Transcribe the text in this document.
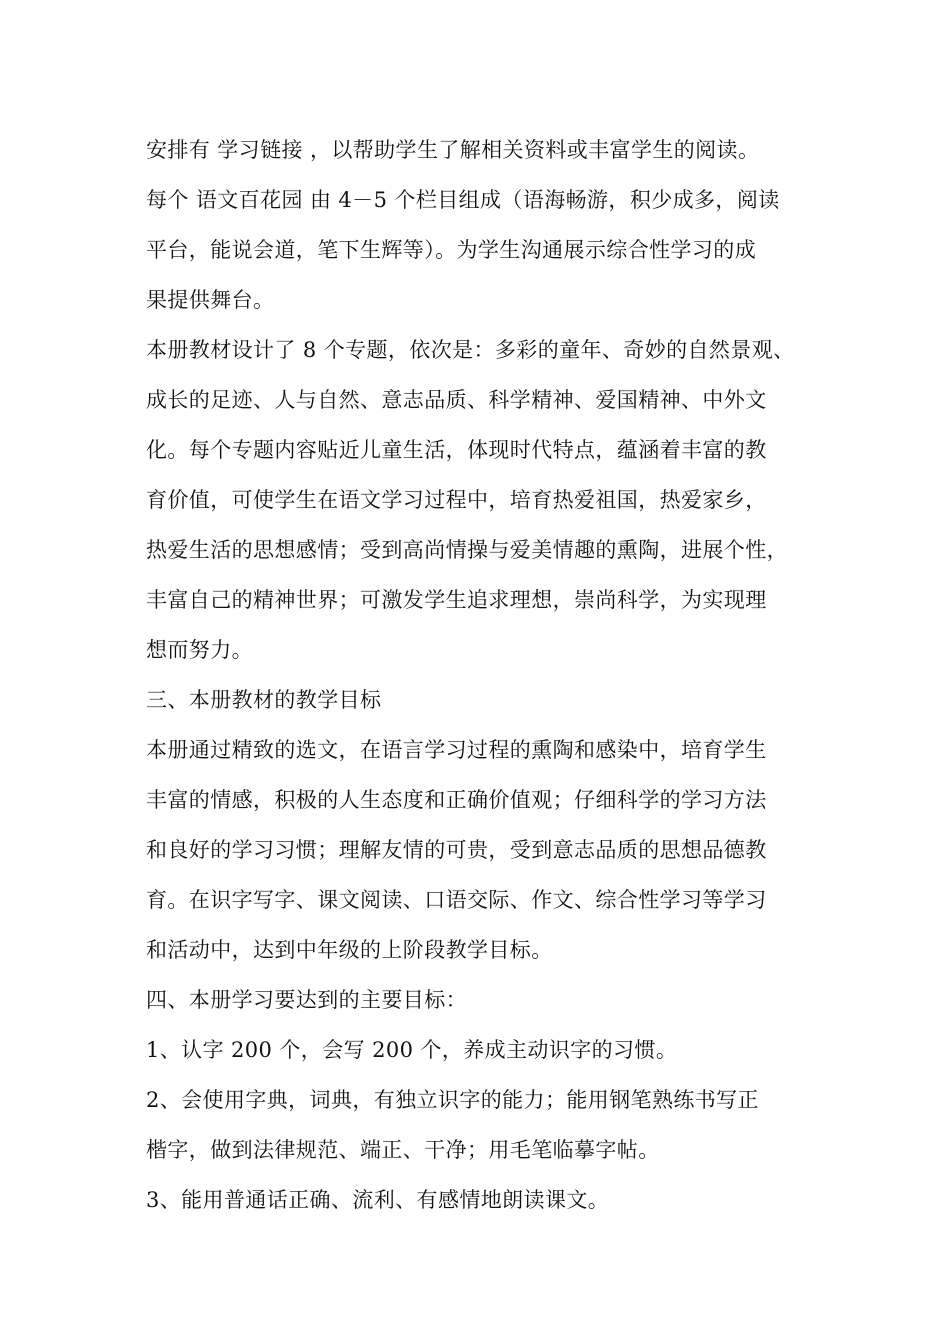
安排有 学习链接 ，以帮助学生了解相关资料或丰富学生的阅读。
每个 语文百花园 由 4－5 个栏目组成（语海畅游，积少成多，阅读
平台，能说会道，笔下生辉等）。为学生沟通展示综合性学习的成
果提供舞台。
本册教材设计了 8 个专题，依次是：多彩的童年、奇妙的自然景观、
成长的足迹、人与自然、意志品质、科学精神、爱国精神、中外文
化。每个专题内容贴近儿童生活，体现时代特点，蕴涵着丰富的教
育价值，可使学生在语文学习过程中，培育热爱祖国，热爱家乡，
热爱生活的思想感情；受到高尚情操与爱美情趣的熏陶，进展个性，
丰富自己的精神世界；可激发学生追求理想，崇尚科学，为实现理
想而努力。
三、本册教材的教学目标
本册通过精致的选文，在语言学习过程的熏陶和感染中，培育学生
丰富的情感，积极的人生态度和正确价值观；仔细科学的学习方法
和良好的学习习惯；理解友情的可贵，受到意志品质的思想品德教
育。在识字写字、课文阅读、口语交际、作文、综合性学习等学习
和活动中，达到中年级的上阶段教学目标。
四、本册学习要达到的主要目标：
1、认字 200 个，会写 200 个，养成主动识字的习惯。
2、会使用字典，词典，有独立识字的能力；能用钢笔熟练书写正
楷字，做到法律规范、端正、干净；用毛笔临摹字帖。
3、能用普通话正确、流利、有感情地朗读课文。
